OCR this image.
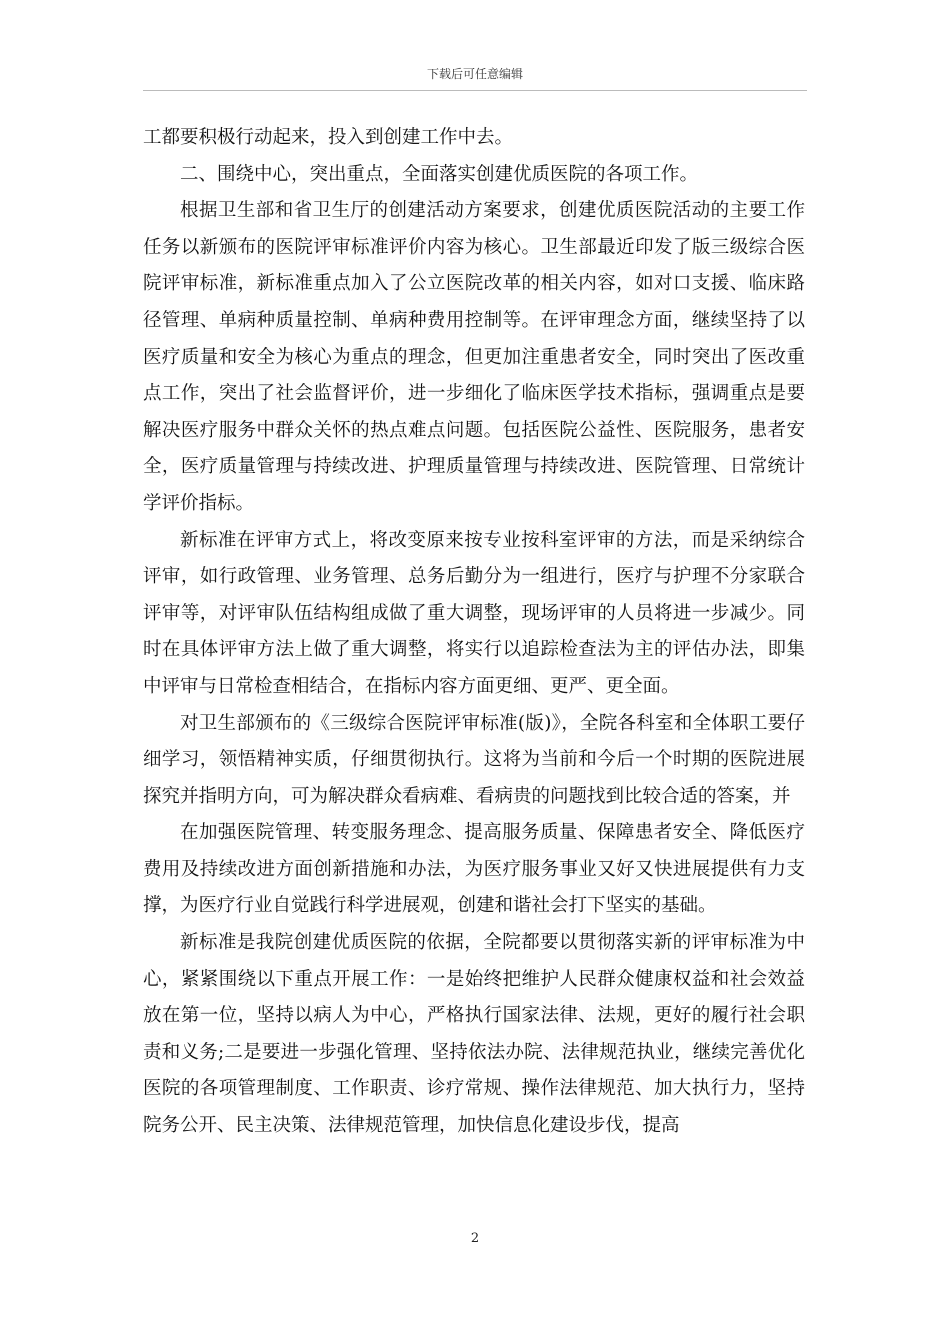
下载后可任意编辑

工都要积极行动起来，投入到创建工作中去。

二、围绕中心，突出重点，全面落实创建优质医院的各项工作。

根据卫生部和省卫生厅的创建活动方案要求，创建优质医院活动的主要工作任务以新颁布的医院评审标准评价内容为核心。卫生部最近印发了版三级综合医院评审标准，新标准重点加入了公立医院改革的相关内容，如对口支援、临床路径管理、单病种质量控制、单病种费用控制等。在评审理念方面，继续坚持了以医疗质量和安全为核心为重点的理念，但更加注重患者安全，同时突出了医改重点工作，突出了社会监督评价，进一步细化了临床医学技术指标，强调重点是要解决医疗服务中群众关怀的热点难点问题。包括医院公益性、医院服务，患者安全，医疗质量管理与持续改进、护理质量管理与持续改进、医院管理、日常统计学评价指标。

新标准在评审方式上，将改变原来按专业按科室评审的方法，而是采纳综合评审，如行政管理、业务管理、总务后勤分为一组进行，医疗与护理不分家联合评审等，对评审队伍结构组成做了重大调整，现场评审的人员将进一步减少。同时在具体评审方法上做了重大调整，将实行以追踪检查法为主的评估办法，即集中评审与日常检查相结合，在指标内容方面更细、更严、更全面。

对卫生部颁布的《三级综合医院评审标准(版)》，全院各科室和全体职工要仔细学习，领悟精神实质，仔细贯彻执行。这将为当前和今后一个时期的医院进展探究并指明方向，可为解决群众看病难、看病贵的问题找到比较合适的答案，并

在加强医院管理、转变服务理念、提高服务质量、保障患者安全、降低医疗费用及持续改进方面创新措施和办法，为医疗服务事业又好又快进展提供有力支撑，为医疗行业自觉践行科学进展观，创建和谐社会打下坚实的基础。

新标准是我院创建优质医院的依据，全院都要以贯彻落实新的评审标准为中心，紧紧围绕以下重点开展工作：一是始终把维护人民群众健康权益和社会效益放在第一位，坚持以病人为中心，严格执行国家法律、法规，更好的履行社会职责和义务;二是要进一步强化管理、坚持依法办院、法律规范执业，继续完善优化医院的各项管理制度、工作职责、诊疗常规、操作法律规范、加大执行力，坚持院务公开、民主决策、法律规范管理，加快信息化建设步伐，提高

2
